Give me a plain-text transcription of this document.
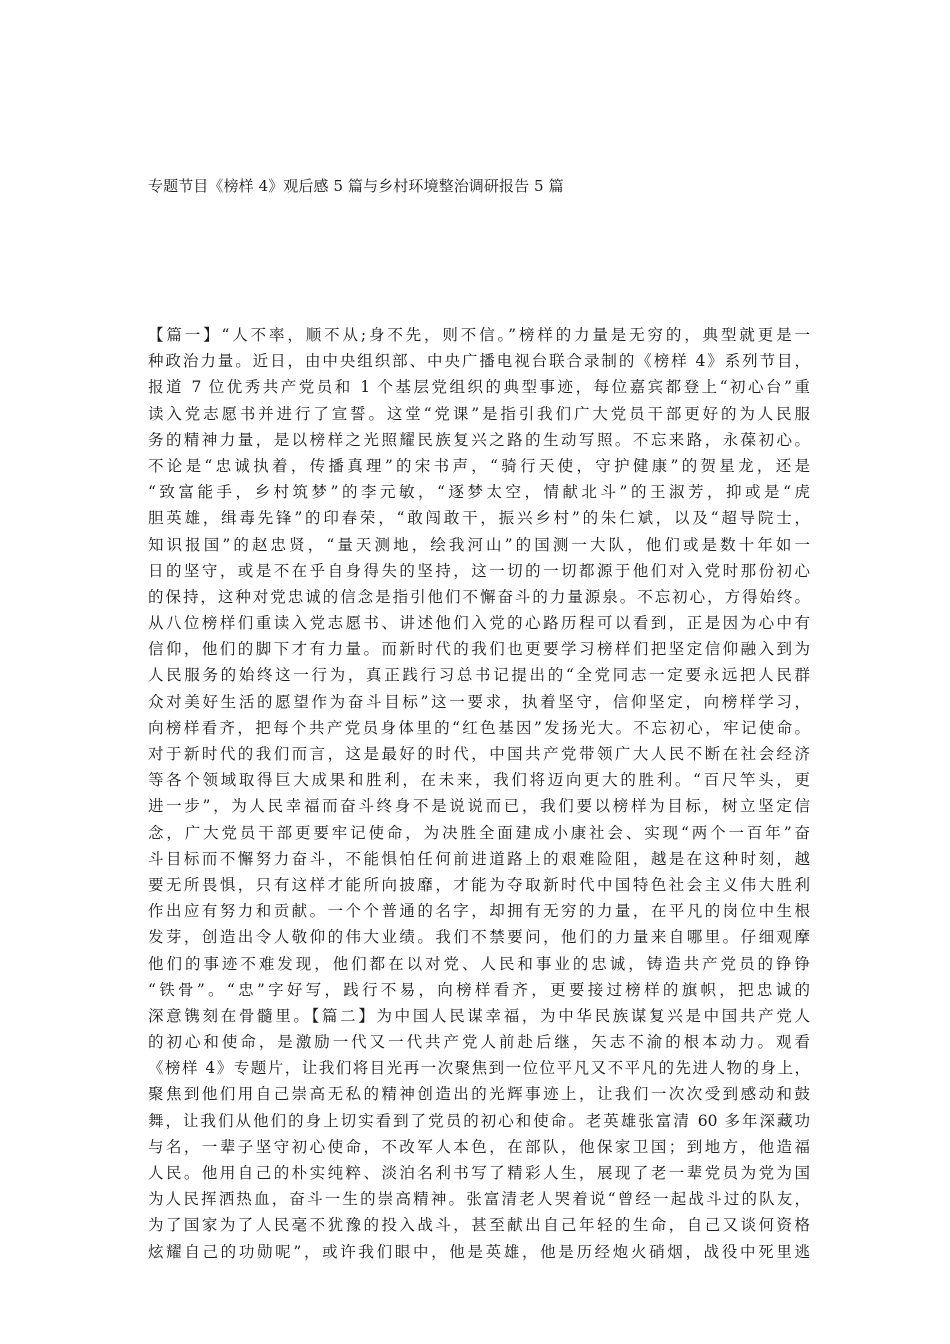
专题节目《榜样 4》观后感 5 篇与乡村环境整治调研报告 5 篇
【篇一】“人不率，顺不从;身不先，则不信。”榜样的力量是无穷的，典型就更是一
种政治力量。近日，由中央组织部、中央广播电视台联合录制的《榜样 4》系列节目，
报道 7 位优秀共产党员和 1 个基层党组织的典型事迹，每位嘉宾都登上“初心台”重
读入党志愿书并进行了宣誓。这堂“党课”是指引我们广大党员干部更好的为人民服
务的精神力量，是以榜样之光照耀民族复兴之路的生动写照。不忘来路，永葆初心。
不论是“忠诚执着，传播真理”的宋书声，“骑行天使，守护健康”的贺星龙，还是
“致富能手，乡村筑梦”的李元敏，“逐梦太空，情献北斗”的王淑芳，抑或是“虎
胆英雄，缉毒先锋”的印春荣，“敢闯敢干，振兴乡村”的朱仁斌，以及“超导院士，
知识报国”的赵忠贤，“量天测地，绘我河山”的国测一大队，他们或是数十年如一
日的坚守，或是不在乎自身得失的坚持，这一切的一切都源于他们对入党时那份初心
的保持，这种对党忠诚的信念是指引他们不懈奋斗的力量源泉。不忘初心，方得始终。
从八位榜样们重读入党志愿书、讲述他们入党的心路历程可以看到，正是因为心中有
信仰，他们的脚下才有力量。而新时代的我们也更要学习榜样们把坚定信仰融入到为
人民服务的始终这一行为，真正践行习总书记提出的“全党同志一定要永远把人民群
众对美好生活的愿望作为奋斗目标”这一要求，执着坚守，信仰坚定，向榜样学习，
向榜样看齐，把每个共产党员身体里的“红色基因”发扬光大。不忘初心，牢记使命。
对于新时代的我们而言，这是最好的时代，中国共产党带领广大人民不断在社会经济
等各个领域取得巨大成果和胜利，在未来，我们将迈向更大的胜利。“百尺竿头，更
进一步”，为人民幸福而奋斗终身不是说说而已，我们要以榜样为目标，树立坚定信
念，广大党员干部更要牢记使命，为决胜全面建成小康社会、实现“两个一百年”奋
斗目标而不懈努力奋斗，不能惧怕任何前进道路上的艰难险阻，越是在这种时刻，越
要无所畏惧，只有这样才能所向披靡，才能为夺取新时代中国特色社会主义伟大胜利
作出应有努力和贡献。一个个普通的名字，却拥有无穷的力量，在平凡的岗位中生根
发芽，创造出令人敬仰的伟大业绩。我们不禁要问，他们的力量来自哪里。仔细观摩
他们的事迹不难发现，他们都在以对党、人民和事业的忠诚，铸造共产党员的铮铮
“铁骨”。“忠”字好写，践行不易，向榜样看齐，更要接过榜样的旗帜，把忠诚的
深意镌刻在骨髓里。【篇二】为中国人民谋幸福，为中华民族谋复兴是中国共产党人
的初心和使命，是激励一代又一代共产党人前赴后继，矢志不渝的根本动力。观看
《榜样 4》专题片，让我们将目光再一次聚焦到一位位平凡又不平凡的先进人物的身上，
聚焦到他们用自己崇高无私的精神创造出的光辉事迹上，让我们一次次受到感动和鼓
舞，让我们从他们的身上切实看到了党员的初心和使命。老英雄张富清 60 多年深藏功
与名，一辈子坚守初心使命，不改军人本色，在部队，他保家卫国；到地方，他造福
人民。他用自己的朴实纯粹、淡泊名利书写了精彩人生，展现了老一辈党员为党为国
为人民挥洒热血，奋斗一生的崇高精神。张富清老人哭着说“曾经一起战斗过的队友，
为了国家为了人民毫不犹豫的投入战斗，甚至献出自己年轻的生命，自己又谈何资格
炫耀自己的功勋呢”，或许我们眼中，他是英雄，他是历经炮火硝烟，战役中死里逃
